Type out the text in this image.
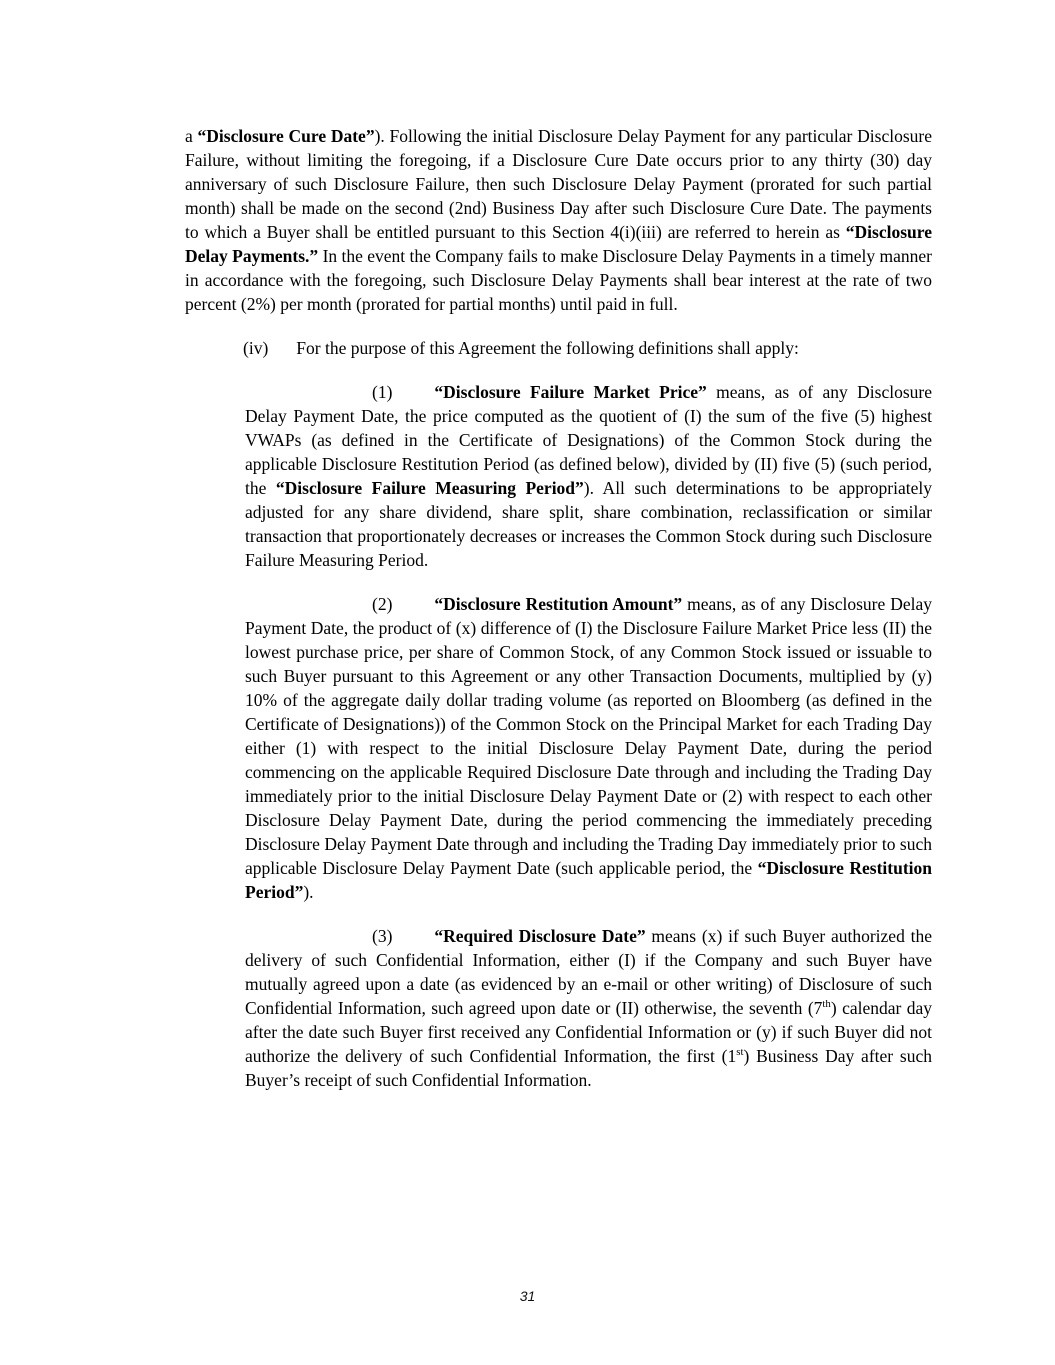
a “Disclosure Cure Date”). Following the initial Disclosure Delay Payment for any particular Disclosure Failure, without limiting the foregoing, if a Disclosure Cure Date occurs prior to any thirty (30) day anniversary of such Disclosure Failure, then such Disclosure Delay Payment (prorated for such partial month) shall be made on the second (2nd) Business Day after such Disclosure Cure Date. The payments to which a Buyer shall be entitled pursuant to this Section 4(i)(iii) are referred to herein as “Disclosure Delay Payments.” In the event the Company fails to make Disclosure Delay Payments in a timely manner in accordance with the foregoing, such Disclosure Delay Payments shall bear interest at the rate of two percent (2%) per month (prorated for partial months) until paid in full.

(iv) For the purpose of this Agreement the following definitions shall apply:

(1) “Disclosure Failure Market Price” means, as of any Disclosure Delay Payment Date, the price computed as the quotient of (I) the sum of the five (5) highest VWAPs (as defined in the Certificate of Designations) of the Common Stock during the applicable Disclosure Restitution Period (as defined below), divided by (II) five (5) (such period, the “Disclosure Failure Measuring Period”). All such determinations to be appropriately adjusted for any share dividend, share split, share combination, reclassification or similar transaction that proportionately decreases or increases the Common Stock during such Disclosure Failure Measuring Period.

(2) “Disclosure Restitution Amount” means, as of any Disclosure Delay Payment Date, the product of (x) difference of (I) the Disclosure Failure Market Price less (II) the lowest purchase price, per share of Common Stock, of any Common Stock issued or issuable to such Buyer pursuant to this Agreement or any other Transaction Documents, multiplied by (y) 10% of the aggregate daily dollar trading volume (as reported on Bloomberg (as defined in the Certificate of Designations)) of the Common Stock on the Principal Market for each Trading Day either (1) with respect to the initial Disclosure Delay Payment Date, during the period commencing on the applicable Required Disclosure Date through and including the Trading Day immediately prior to the initial Disclosure Delay Payment Date or (2) with respect to each other Disclosure Delay Payment Date, during the period commencing the immediately preceding Disclosure Delay Payment Date through and including the Trading Day immediately prior to such applicable Disclosure Delay Payment Date (such applicable period, the “Disclosure Restitution Period”).

(3) “Required Disclosure Date” means (x) if such Buyer authorized the delivery of such Confidential Information, either (I) if the Company and such Buyer have mutually agreed upon a date (as evidenced by an e-mail or other writing) of Disclosure of such Confidential Information, such agreed upon date or (II) otherwise, the seventh (7th) calendar day after the date such Buyer first received any Confidential Information or (y) if such Buyer did not authorize the delivery of such Confidential Information, the first (1st) Business Day after such Buyer’s receipt of such Confidential Information.

31
